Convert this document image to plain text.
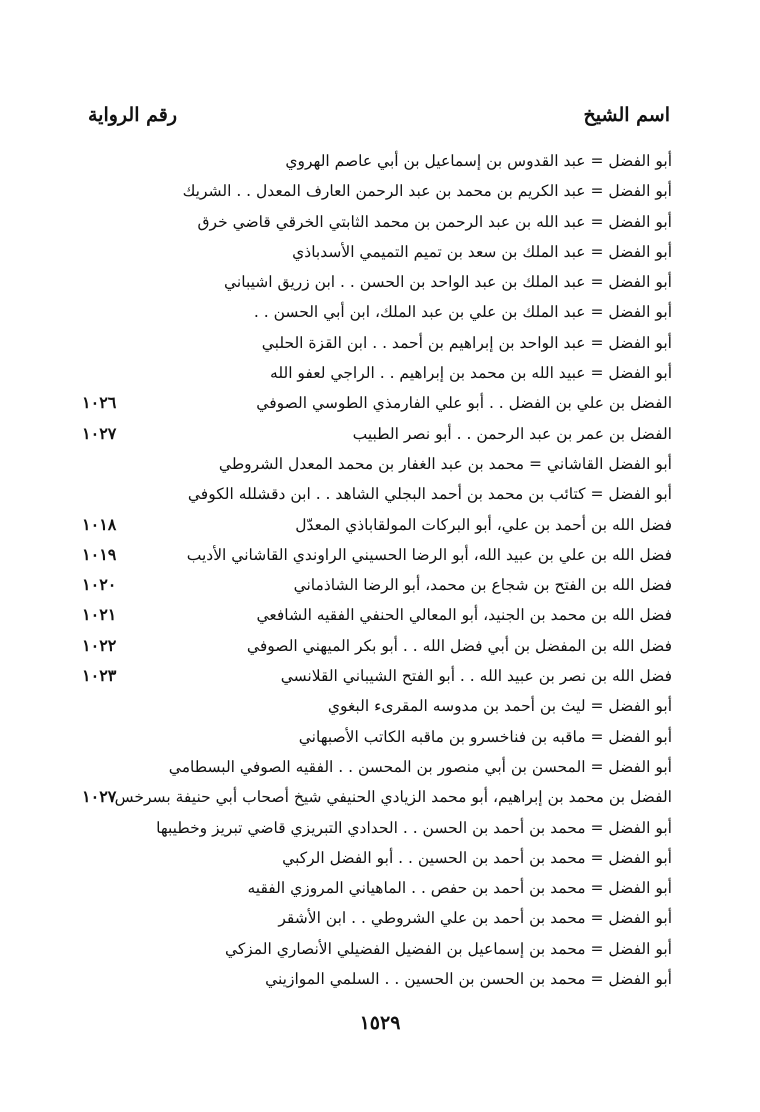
اسم الشيخ
رقم الرواية
أبو الفضل = عبد القدوس بن إسماعيل بن أبي عاصم الهروي
أبو الفضل = عبد الكريم بن محمد بن عبد الرحمن العارف المعدل . . الشريك
أبو الفضل = عبد الله بن عبد الرحمن بن محمد الثابتي الخرقي قاضي خرق
أبو الفضل = عبد الملك بن سعد بن تميم التميمي الأسدباذي
أبو الفضل = عبد الملك بن عبد الواحد بن الحسن . . ابن زريق اشيباني
أبو الفضل = عبد الملك بن علي بن عبد الملك، ابن أبي الحسن . .
أبو الفضل = عبد الواحد بن إبراهيم بن أحمد . . ابن القزة الحلبي
أبو الفضل = عبيد الله بن محمد بن إبراهيم . . الراجي لعفو الله
الفضل بن علي بن الفضل . . أبو علي الفارمذي الطوسي الصوفي
١٠٢٦
الفضل بن عمر بن عبد الرحمن . . أبو نصر الطبيب
١٠٢٧
أبو الفضل القاشاني = محمد بن عبد الغفار بن محمد المعدل الشروطي
أبو الفضل = كتائب بن محمد بن أحمد البجلي الشاهد . . ابن دقشلله الكوفي
فضل الله بن أحمد بن علي، أبو البركات المولقاباذي المعدّل
١٠١٨
فضل الله بن علي بن عبيد الله، أبو الرضا الحسيني الراوندي القاشاني الأديب
١٠١٩
فضل الله بن الفتح بن شجاع بن محمد، أبو الرضا الشاذماني
١٠٢٠
فضل الله بن محمد بن الجنيد، أبو المعالي الحنفي الفقيه الشافعي
١٠٢١
فضل الله بن المفضل بن أبي فضل الله . . أبو بكر الميهني الصوفي
١٠٢٢
فضل الله بن نصر بن عبيد الله . . أبو الفتح الشيباني القلانسي
١٠٢٣
أبو الفضل = ليث بن أحمد بن مدوسه المقرىء البغوي
أبو الفضل = ماقبه بن فناخسرو بن ماقبه الكاتب الأصبهاني
أبو الفضل = المحسن بن أبي منصور بن المحسن . . الفقيه الصوفي البسطامي
الفضل بن محمد بن إبراهيم، أبو محمد الزيادي الحنيفي شيخ أصحاب أبي حنيفة بسرخس
١٠٢٧
أبو الفضل = محمد بن أحمد بن الحسن . . الحدادي التبريزي قاضي تبريز وخطيبها
أبو الفضل = محمد بن أحمد بن الحسين . . أبو الفضل الركبي
أبو الفضل = محمد بن أحمد بن حفص . . الماهياني المروزي الفقيه
أبو الفضل = محمد بن أحمد بن علي الشروطي . . ابن الأشقر
أبو الفضل = محمد بن إسماعيل بن الفضيل الفضيلي الأنصاري المزكي
أبو الفضل = محمد بن الحسن بن الحسين . . السلمي الموازيني
١٥٢٩
